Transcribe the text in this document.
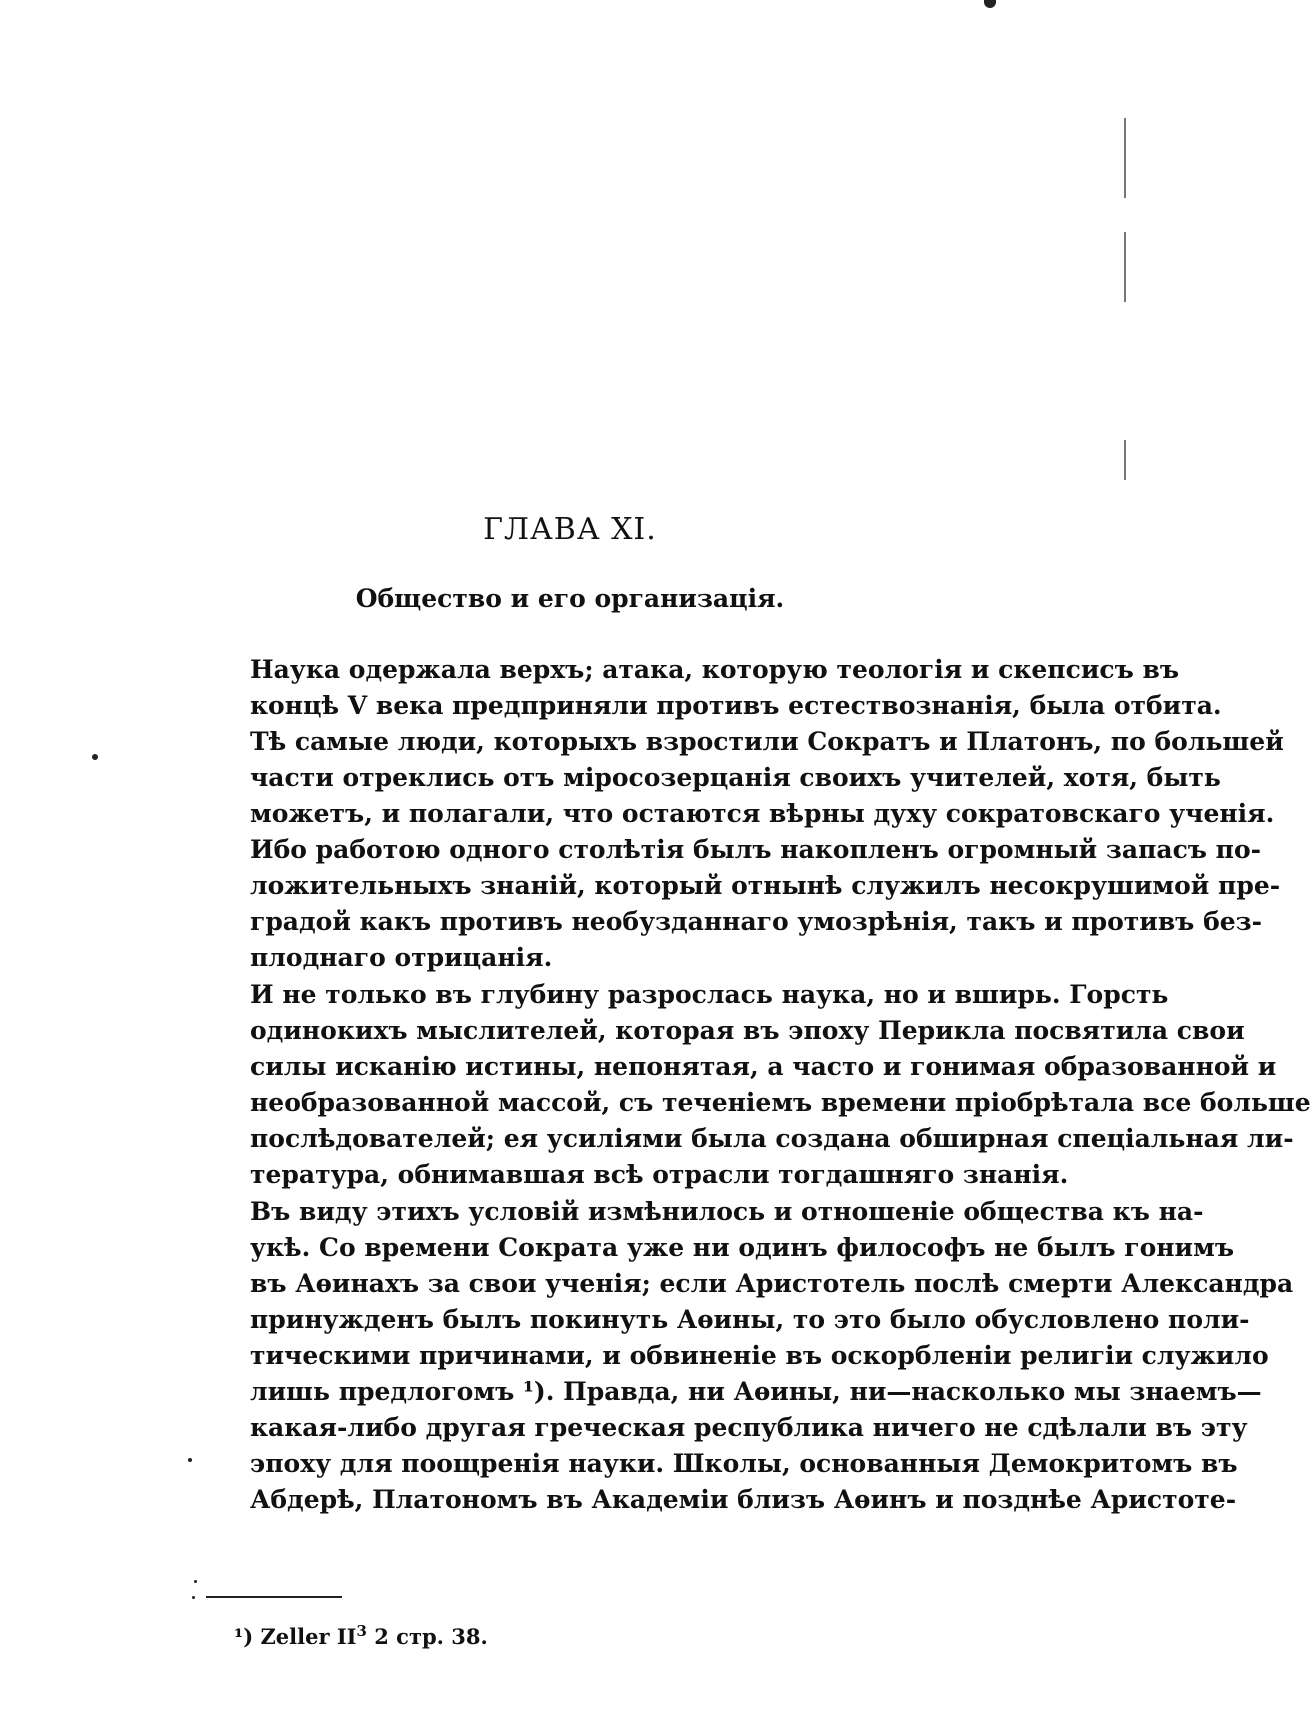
ГЛАВА XI.
Общество и его организація.

Наука одержала верхъ; атака, которую теологія и скепсисъ въ
концѣ V века предприняли противъ естествознанія, была отбита.
Тѣ самые люди, которыхъ взростили Сократъ и Платонъ, по большей
части отреклись отъ міросозерцанія своихъ учителей, хотя, быть
можетъ, и полагали, что остаются вѣрны духу сократовскаго ученія.
Ибо работою одного столѣтія былъ накопленъ огромный запасъ по-
ложительныхъ знаній, который отнынѣ служилъ несокрушимой пре-
градой какъ противъ необузданнаго умозрѣнія, такъ и противъ без-
плоднаго отрицанія.

И не только въ глубину разрослась наука, но и вширь. Горсть
одинокихъ мыслителей, которая въ эпоху Перикла посвятила свои
силы исканію истины, непонятая, а часто и гонимая образованной и
необразованной массой, съ теченіемъ времени пріобрѣтала все больше
послѣдователей; ея усиліями была создана обширная спеціальная ли-
тература, обнимавшая всѣ отрасли тогдашняго знанія.

Въ виду этихъ условій измѣнилось и отношеніе общества къ на-
укѣ. Со времени Сократа уже ни одинъ философъ не былъ гонимъ
въ Аѳинахъ за свои ученія; если Аристотель послѣ смерти Александра
принужденъ былъ покинуть Аѳины, то это было обусловлено поли-
тическими причинами, и обвиненіе въ оскорбленіи религіи служило
лишь предлогомъ ¹). Правда, ни Аѳины, ни—насколько мы знаемъ—
какая-либо другая греческая республика ничего не сдѣлали въ эту
эпоху для поощренія науки. Школы, основанныя Демокритомъ въ
Абдерѣ, Платономъ въ Академіи близъ Аѳинъ и позднѣе Аристоте-

¹) Zeller $II^3$ 2 стр. 38.
